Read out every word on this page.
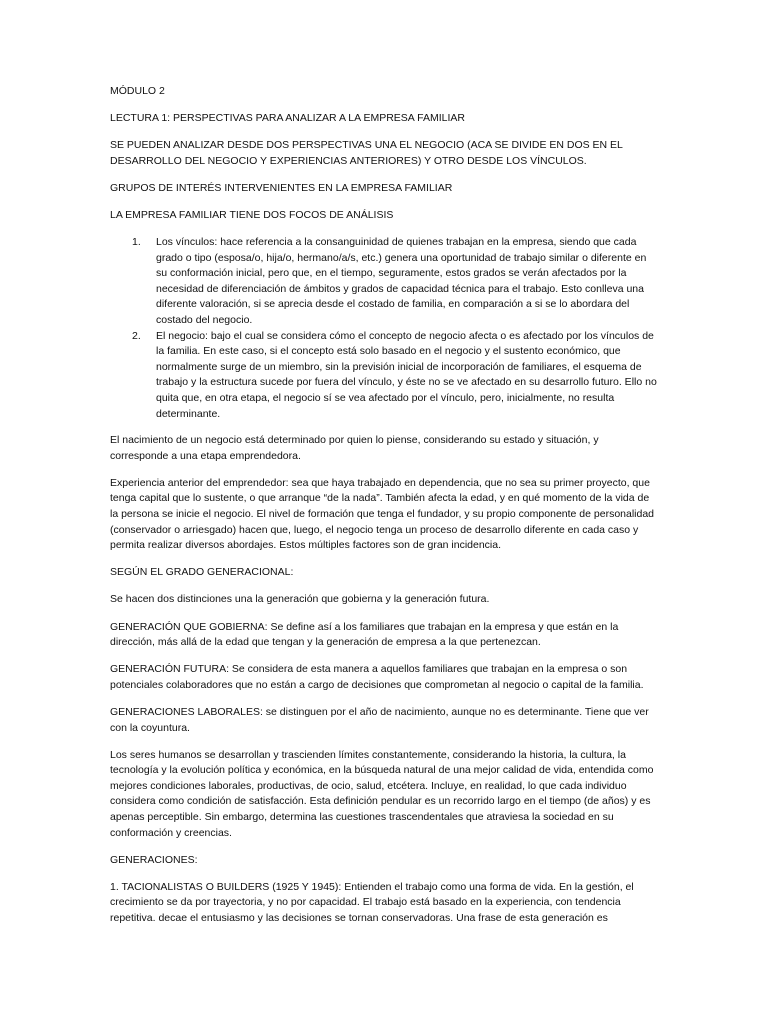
MÓDULO 2

LECTURA 1: PERSPECTIVAS PARA ANALIZAR A LA EMPRESA FAMILIAR

SE PUEDEN ANALIZAR DESDE DOS PERSPECTIVAS UNA EL NEGOCIO (ACA SE DIVIDE EN DOS EN EL DESARROLLO DEL NEGOCIO Y EXPERIENCIAS ANTERIORES) Y OTRO DESDE LOS VÍNCULOS.

GRUPOS DE INTERÉS INTERVENIENTES EN LA EMPRESA FAMILIAR

LA EMPRESA FAMILIAR TIENE DOS FOCOS DE ANÁLISIS

1.	Los vínculos: hace referencia a la consanguinidad de quienes trabajan en la empresa, siendo que cada grado o tipo (esposa/o, hija/o, hermano/a/s, etc.) genera una oportunidad de trabajo similar o diferente en su conformación inicial, pero que, en el tiempo, seguramente, estos grados se verán afectados por la necesidad de diferenciación de ámbitos y grados de capacidad técnica para el trabajo. Esto conlleva una diferente valoración, si se aprecia desde el costado de familia, en comparación a si se lo abordara del costado del negocio.
2.	El negocio: bajo el cual se considera cómo el concepto de negocio afecta o es afectado por los vínculos de la familia. En este caso, si el concepto está solo basado en el negocio y el sustento económico, que normalmente surge de un miembro, sin la previsión inicial de incorporación de familiares, el esquema de trabajo y la estructura sucede por fuera del vínculo, y éste no se ve afectado en su desarrollo futuro. Ello no quita que, en otra etapa, el negocio sí se vea afectado por el vínculo, pero, inicialmente, no resulta determinante.

El nacimiento de un negocio está determinado por quien lo piense, considerando su estado y situación, y corresponde a una etapa emprendedora.

Experiencia anterior del emprendedor: sea que haya trabajado en dependencia, que no sea su primer proyecto, que tenga capital que lo sustente, o que arranque “de la nada”. También afecta la edad, y en qué momento de la vida de la persona se inicie el negocio. El nivel de formación que tenga el fundador, y su propio componente de personalidad (conservador o arriesgado) hacen que, luego, el negocio tenga un proceso de desarrollo diferente en cada caso y permita realizar diversos abordajes. Estos múltiples factores son de gran incidencia.

SEGÚN EL GRADO GENERACIONAL:

Se hacen dos distinciones una la generación que gobierna y la generación futura.

GENERACIÓN QUE GOBIERNA: Se define así a los familiares que trabajan en la empresa y que están en la dirección, más allá de la edad que tengan y la generación de empresa a la que pertenezcan.

GENERACIÓN FUTURA: Se considera de esta manera a aquellos familiares que trabajan en la empresa o son potenciales colaboradores que no están a cargo de decisiones que comprometan al negocio o capital de la familia.

GENERACIONES LABORALES: se distinguen por el año de nacimiento, aunque no es determinante. Tiene que ver con la coyuntura.

Los seres humanos se desarrollan y trascienden límites constantemente, considerando la historia, la cultura, la tecnología y la evolución política y económica, en la búsqueda natural de una mejor calidad de vida, entendida como mejores condiciones laborales, productivas, de ocio, salud, etcétera. Incluye, en realidad, lo que cada individuo considera como condición de satisfacción. Esta definición pendular es un recorrido largo en el tiempo (de años) y es apenas perceptible. Sin embargo, determina las cuestiones trascendentales que atraviesa la sociedad en su conformación y creencias.

GENERACIONES:

1. TACIONALISTAS O BUILDERS (1925 Y 1945): Entienden el trabajo como una forma de vida. En la gestión, el crecimiento se da por trayectoria, y no por capacidad. El trabajo está basado en la experiencia, con tendencia repetitiva. decae el entusiasmo y las decisiones se tornan conservadoras. Una frase de esta generación es
